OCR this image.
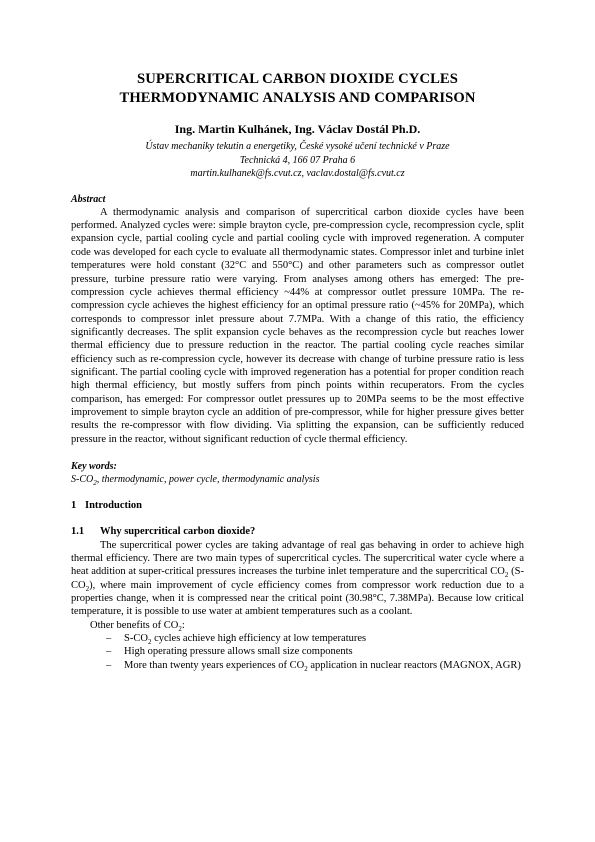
SUPERCRITICAL CARBON DIOXIDE CYCLES
THERMODYNAMIC ANALYSIS AND COMPARISON
Ing. Martin Kulhánek, Ing. Václav Dostál Ph.D.
Ústav mechaniky tekutin a energetiky, České vysoké učení technické v Praze
Technická 4, 166 07 Praha 6
martin.kulhanek@fs.cvut.cz, vaclav.dostal@fs.cvut.cz
Abstract

A thermodynamic analysis and comparison of supercritical carbon dioxide cycles have been performed. Analyzed cycles were: simple brayton cycle, pre-compression cycle, recompression cycle, split expansion cycle, partial cooling cycle and partial cooling cycle with improved regeneration. A computer code was developed for each cycle to evaluate all thermodynamic states. Compressor inlet and turbine inlet temperatures were hold constant (32°C and 550°C) and other parameters such as compressor outlet pressure, turbine pressure ratio were varying. From analyses among others has emerged: The pre-compression cycle achieves thermal efficiency ~44% at compressor outlet pressure 10MPa. The re-compression cycle achieves the highest efficiency for an optimal pressure ratio (~45% for 20MPa), which corresponds to compressor inlet pressure about 7.7MPa. With a change of this ratio, the efficiency significantly decreases. The split expansion cycle behaves as the recompression cycle but reaches lower thermal efficiency due to pressure reduction in the reactor. The partial cooling cycle reaches similar efficiency such as re-compression cycle, however its decrease with change of turbine pressure ratio is less significant. The partial cooling cycle with improved regeneration has a potential for proper condition reach high thermal efficiency, but mostly suffers from pinch points within recuperators. From the cycles comparison, has emerged: For compressor outlet pressures up to 20MPa seems to be the most effective improvement to simple brayton cycle an addition of pre-compressor, while for higher pressure gives better results the re-compressor with flow dividing. Via splitting the expansion, can be sufficiently reduced pressure in the reactor, without significant reduction of cycle thermal efficiency.

Key words:
$S-CO_2$, thermodynamic, power cycle, thermodynamic analysis
1 Introduction
1.1 Why supercritical carbon dioxide?

The supercritical power cycles are taking advantage of real gas behaving in order to achieve high thermal efficiency. There are two main types of supercritical cycles. The supercritical water cycle where a heat addition at super-critical pressures increases the turbine inlet temperature and the supercritical $CO_2$ $(S-CO_2)$, where main improvement of cycle efficiency comes from compressor work reduction due to a properties change, when it is compressed near the critical point (30.98°C, 7.38MPa). Because low critical temperature, it is possible to use water at ambient temperatures such as a coolant.

Other benefits of $CO_2$:
– $S-CO_2$ cycles achieve high efficiency at low temperatures
– High operating pressure allows small size components
– More than twenty years experiences of $CO_2$ application in nuclear reactors (MAGNOX, AGR)
